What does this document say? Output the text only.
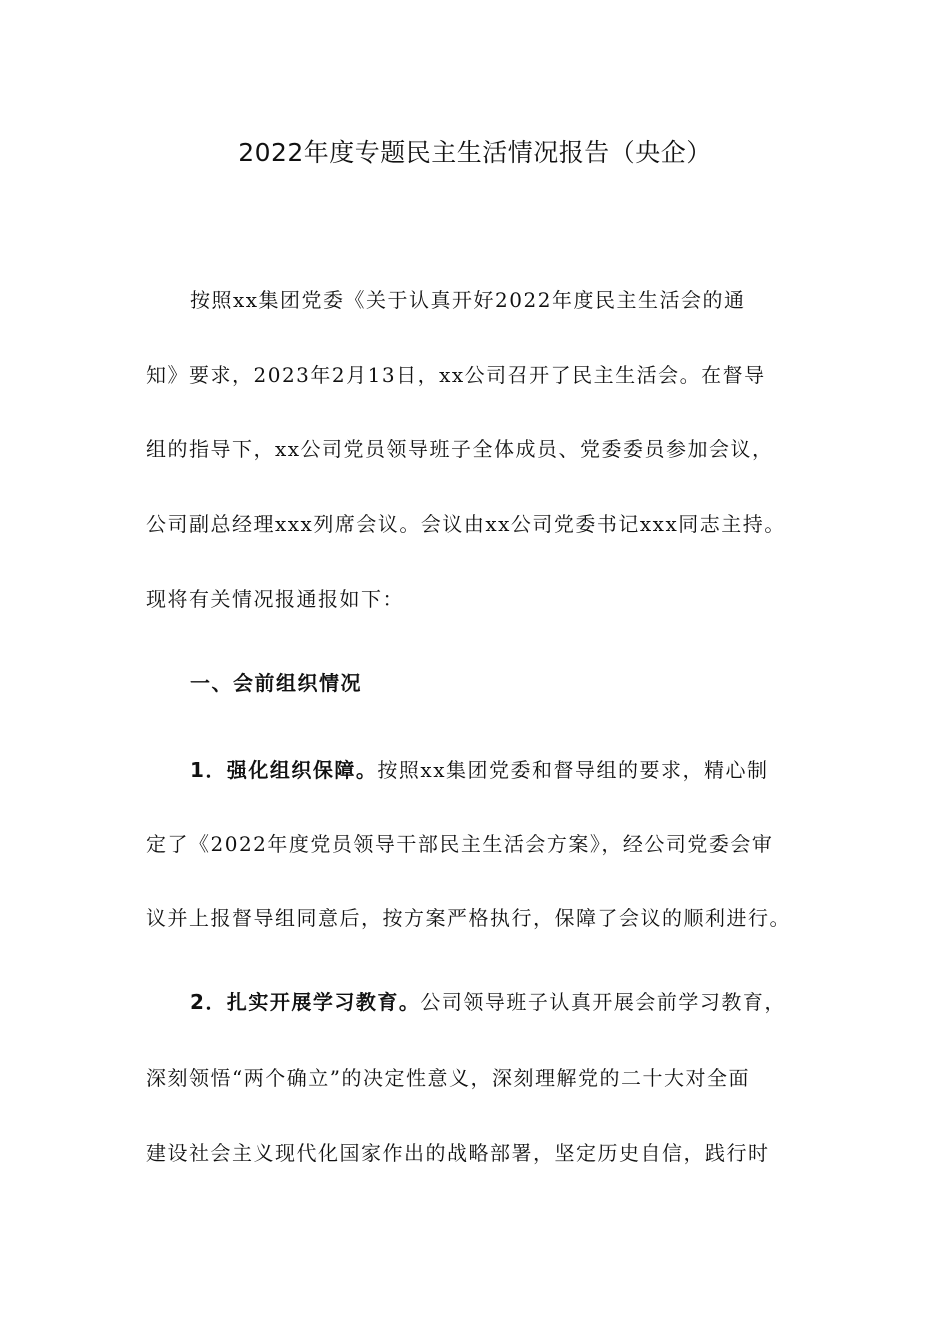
2022年度专题民主生活情况报告（央企）
按照xx集团党委《关于认真开好2022年度民主生活会的通
知》要求，2023年2月13日，xx公司召开了民主生活会。在督导
组的指导下，xx公司党员领导班子全体成员、党委委员参加会议，
公司副总经理xxx列席会议。会议由xx公司党委书记xxx同志主持。
现将有关情况报通报如下：
一、会前组织情况
1．强化组织保障。按照xx集团党委和督导组的要求，精心制
定了《2022年度党员领导干部民主生活会方案》，经公司党委会审
议并上报督导组同意后，按方案严格执行，保障了会议的顺利进行。
2．扎实开展学习教育。公司领导班子认真开展会前学习教育，
深刻领悟“两个确立”的决定性意义，深刻理解党的二十大对全面
建设社会主义现代化国家作出的战略部署，坚定历史自信，践行时
